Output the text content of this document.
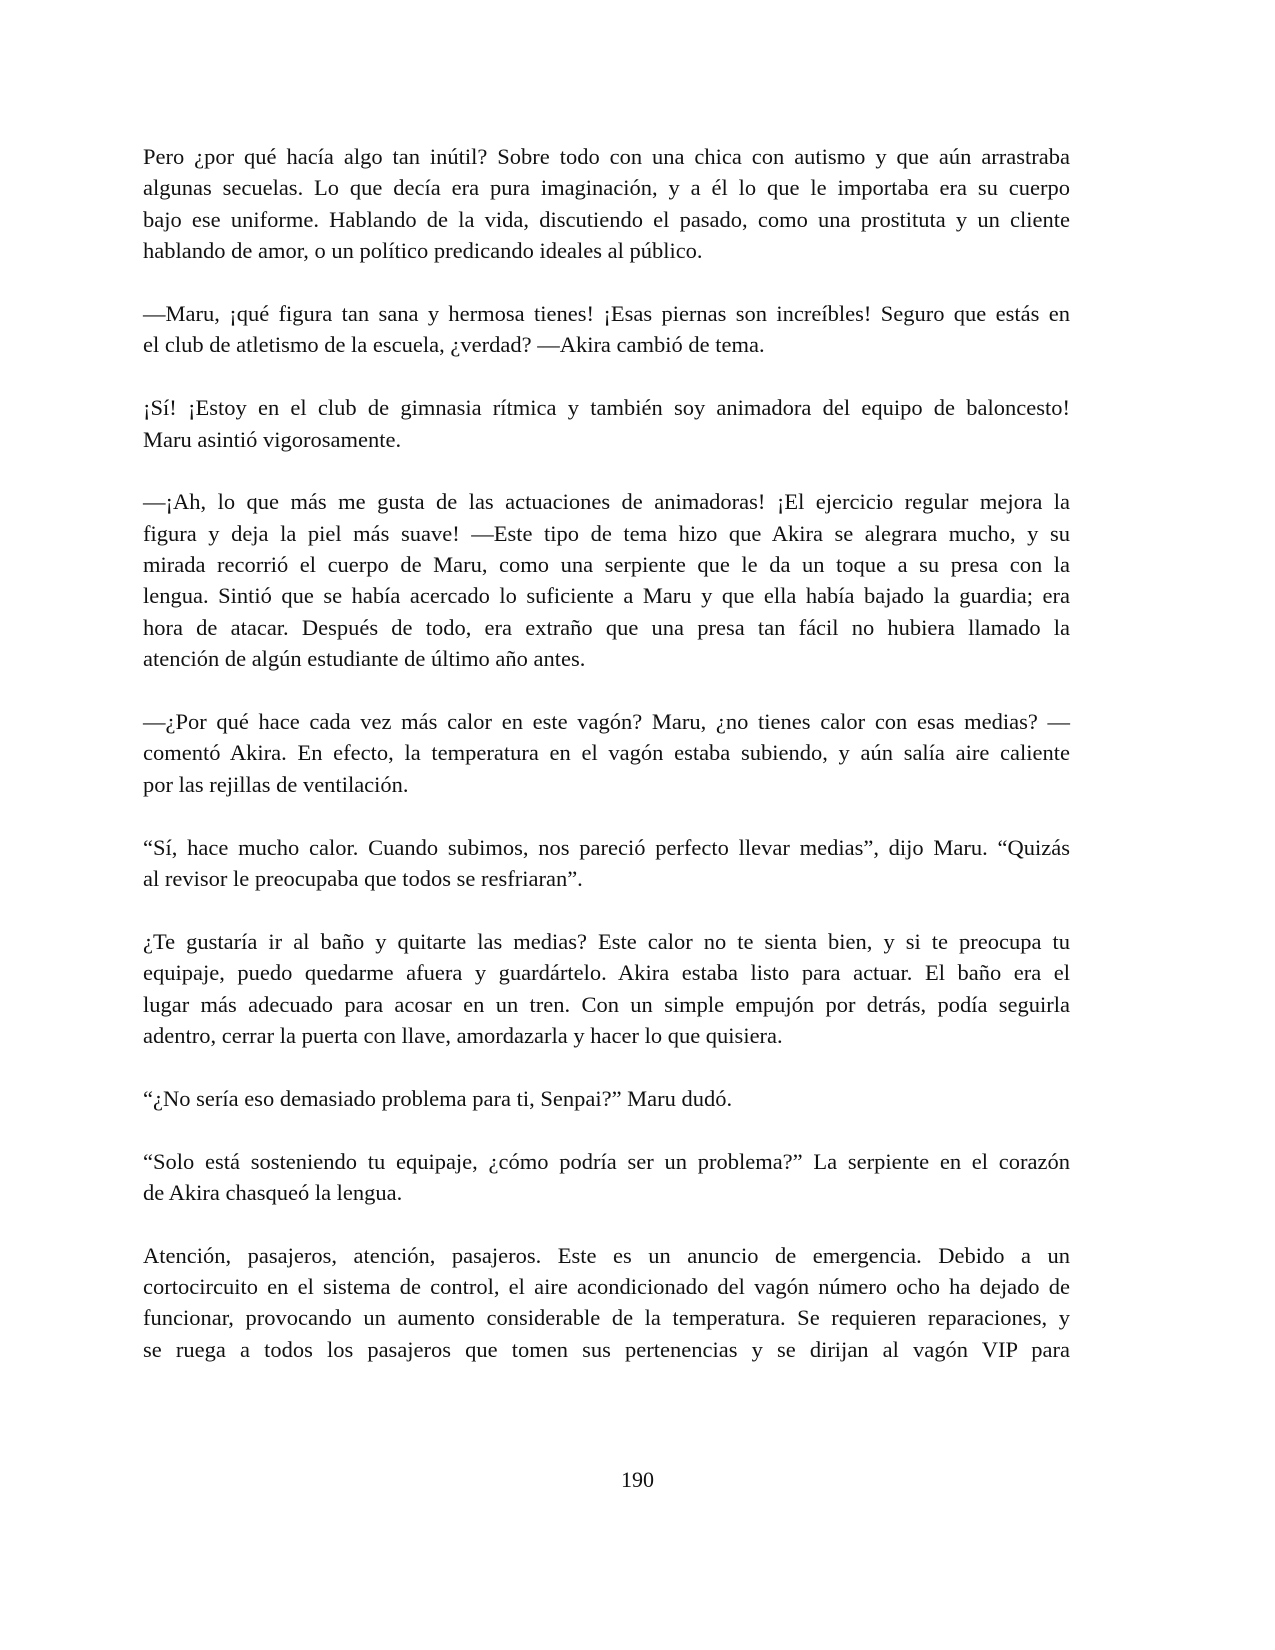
Pero ¿por qué hacía algo tan inútil? Sobre todo con una chica con autismo y que aún arrastraba
algunas secuelas. Lo que decía era pura imaginación, y a él lo que le importaba era su cuerpo
bajo ese uniforme. Hablando de la vida, discutiendo el pasado, como una prostituta y un cliente
hablando de amor, o un político predicando ideales al público.
—Maru, ¡qué figura tan sana y hermosa tienes! ¡Esas piernas son increíbles! Seguro que estás en
el club de atletismo de la escuela, ¿verdad? —Akira cambió de tema.
¡Sí! ¡Estoy en el club de gimnasia rítmica y también soy animadora del equipo de baloncesto!
Maru asintió vigorosamente.
—¡Ah, lo que más me gusta de las actuaciones de animadoras! ¡El ejercicio regular mejora la
figura y deja la piel más suave! —Este tipo de tema hizo que Akira se alegrara mucho, y su
mirada recorrió el cuerpo de Maru, como una serpiente que le da un toque a su presa con la
lengua. Sintió que se había acercado lo suficiente a Maru y que ella había bajado la guardia; era
hora de atacar. Después de todo, era extraño que una presa tan fácil no hubiera llamado la
atención de algún estudiante de último año antes.
—¿Por qué hace cada vez más calor en este vagón? Maru, ¿no tienes calor con esas medias? —
comentó Akira. En efecto, la temperatura en el vagón estaba subiendo, y aún salía aire caliente
por las rejillas de ventilación.
“Sí, hace mucho calor. Cuando subimos, nos pareció perfecto llevar medias”, dijo Maru. “Quizás
al revisor le preocupaba que todos se resfriaran”.
¿Te gustaría ir al baño y quitarte las medias? Este calor no te sienta bien, y si te preocupa tu
equipaje, puedo quedarme afuera y guardártelo. Akira estaba listo para actuar. El baño era el
lugar más adecuado para acosar en un tren. Con un simple empujón por detrás, podía seguirla
adentro, cerrar la puerta con llave, amordazarla y hacer lo que quisiera.
“¿No sería eso demasiado problema para ti, Senpai?” Maru dudó.
“Solo está sosteniendo tu equipaje, ¿cómo podría ser un problema?” La serpiente en el corazón
de Akira chasqueó la lengua.
Atención, pasajeros, atención, pasajeros. Este es un anuncio de emergencia. Debido a un
cortocircuito en el sistema de control, el aire acondicionado del vagón número ocho ha dejado de
funcionar, provocando un aumento considerable de la temperatura. Se requieren reparaciones, y
se ruega a todos los pasajeros que tomen sus pertenencias y se dirijan al vagón VIP para
190
